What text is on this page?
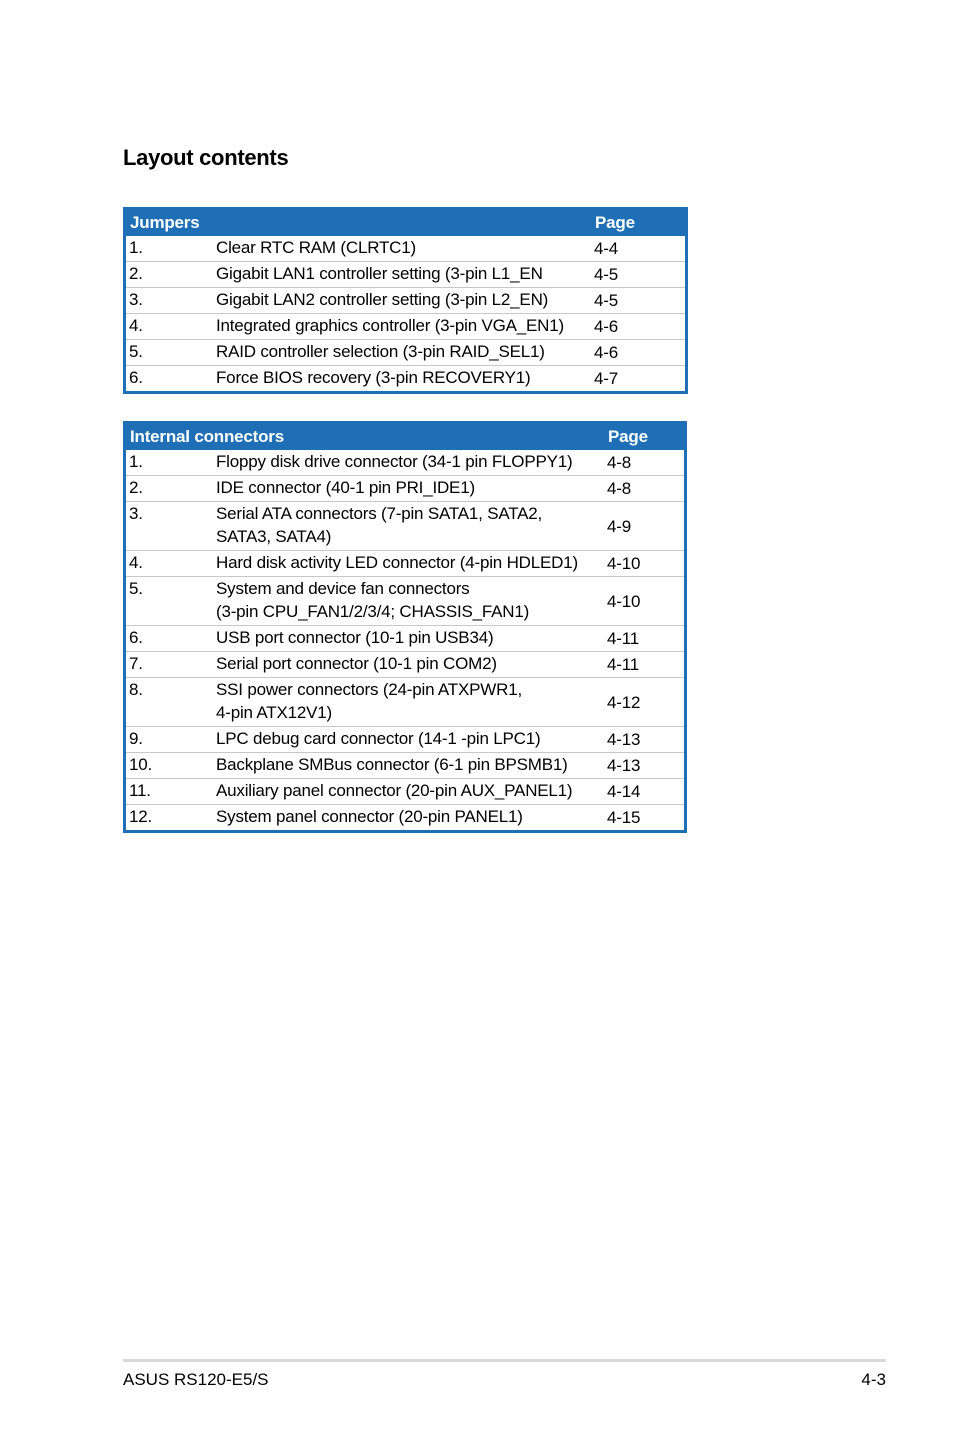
Layout contents
Jumpers		Page
1.	Clear RTC RAM (CLRTC1)	4-4
2.	Gigabit LAN1 controller setting (3-pin L1_EN	4-5
3.	Gigabit LAN2 controller setting (3-pin L2_EN)	4-5
4.	Integrated graphics controller (3-pin VGA_EN1)	4-6
5.	RAID controller selection (3-pin RAID_SEL1)	4-6
6.	Force BIOS recovery (3-pin RECOVERY1)	4-7
Internal connectors		Page
1.	Floppy disk drive connector (34-1 pin FLOPPY1)	4-8
2.	IDE connector (40-1 pin PRI_IDE1)	4-8
3.	Serial ATA connectors (7-pin SATA1, SATA2,
SATA3, SATA4)	4-9
4.	Hard disk activity LED connector (4-pin HDLED1)	4-10
5.	System and device fan connectors
(3-pin CPU_FAN1/2/3/4; CHASSIS_FAN1)	4-10
6.	USB port connector (10-1 pin USB34)	4-11
7.	Serial port connector (10-1 pin COM2)	4-11
8.	SSI power connectors (24-pin ATXPWR1,
4-pin ATX12V1)	4-12
9.	LPC debug card connector (14-1 -pin LPC1)	4-13
10.	Backplane SMBus connector (6-1 pin BPSMB1)	4-13
11.	Auxiliary panel connector (20-pin AUX_PANEL1)	4-14
12.	System panel connector (20-pin PANEL1)	4-15
ASUS RS120-E5/S	4-3
